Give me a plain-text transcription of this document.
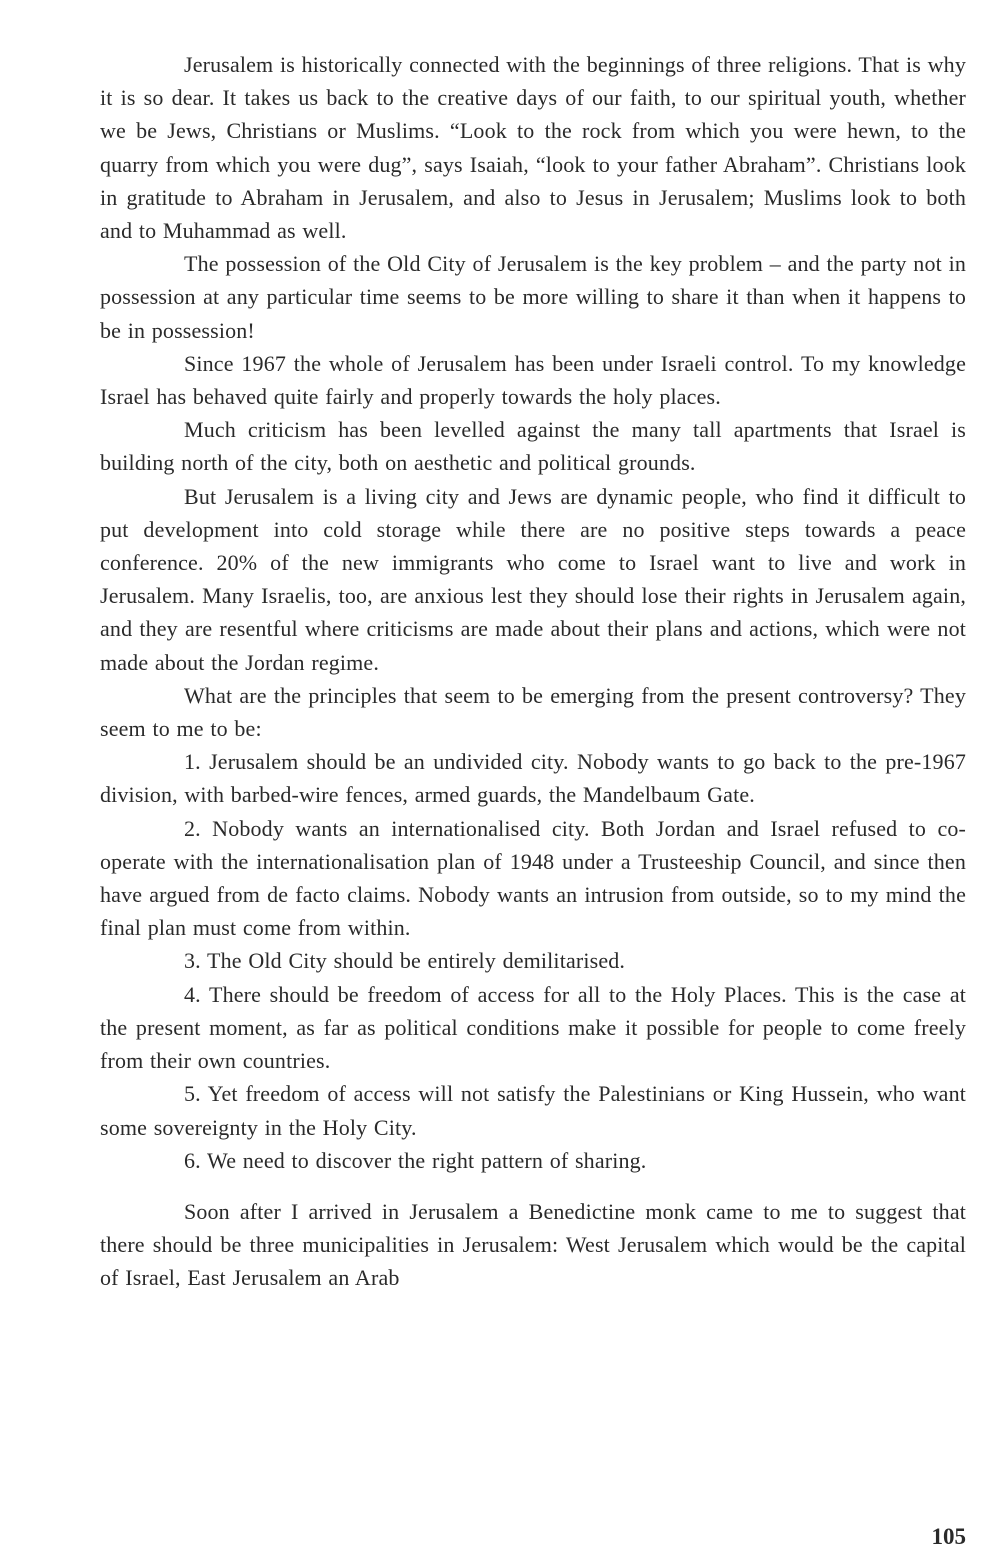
Jerusalem is historically connected with the beginnings of three religions. That is why it is so dear. It takes us back to the creative days of our faith, to our spiritual youth, whether we be Jews, Christians or Muslims. “Look to the rock from which you were hewn, to the quarry from which you were dug”, says Isaiah, “look to your father Abraham”. Christians look in gratitude to Abraham in Jerusalem, and also to Jesus in Jerusalem; Muslims look to both and to Muhammad as well.

The possession of the Old City of Jerusalem is the key problem – and the party not in possession at any particular time seems to be more willing to share it than when it happens to be in possession!

Since 1967 the whole of Jerusalem has been under Israeli control. To my knowledge Israel has behaved quite fairly and properly towards the holy places.

Much criticism has been levelled against the many tall apartments that Israel is building north of the city, both on aesthetic and political grounds.

But Jerusalem is a living city and Jews are dynamic people, who find it difficult to put development into cold storage while there are no positive steps towards a peace conference. 20% of the new immigrants who come to Israel want to live and work in Jerusalem. Many Israelis, too, are anxious lest they should lose their rights in Jerusalem again, and they are resentful where criticisms are made about their plans and actions, which were not made about the Jordan regime.

What are the principles that seem to be emerging from the present controversy? They seem to me to be:

1. Jerusalem should be an undivided city. Nobody wants to go back to the pre-1967 division, with barbed-wire fences, armed guards, the Mandelbaum Gate.

2. Nobody wants an internationalised city. Both Jordan and Israel refused to co-operate with the internationalisation plan of 1948 under a Trusteeship Council, and since then have argued from de facto claims. Nobody wants an intrusion from outside, so to my mind the final plan must come from within.

3. The Old City should be entirely demilitarised.

4. There should be freedom of access for all to the Holy Places. This is the case at the present moment, as far as political conditions make it possible for people to come freely from their own countries.

5. Yet freedom of access will not satisfy the Palestinians or King Hussein, who want some sovereignty in the Holy City.

6. We need to discover the right pattern of sharing.

Soon after I arrived in Jerusalem a Benedictine monk came to me to suggest that there should be three municipalities in Jerusalem: West Jerusalem which would be the capital of Israel, East Jerusalem an Arab

105
